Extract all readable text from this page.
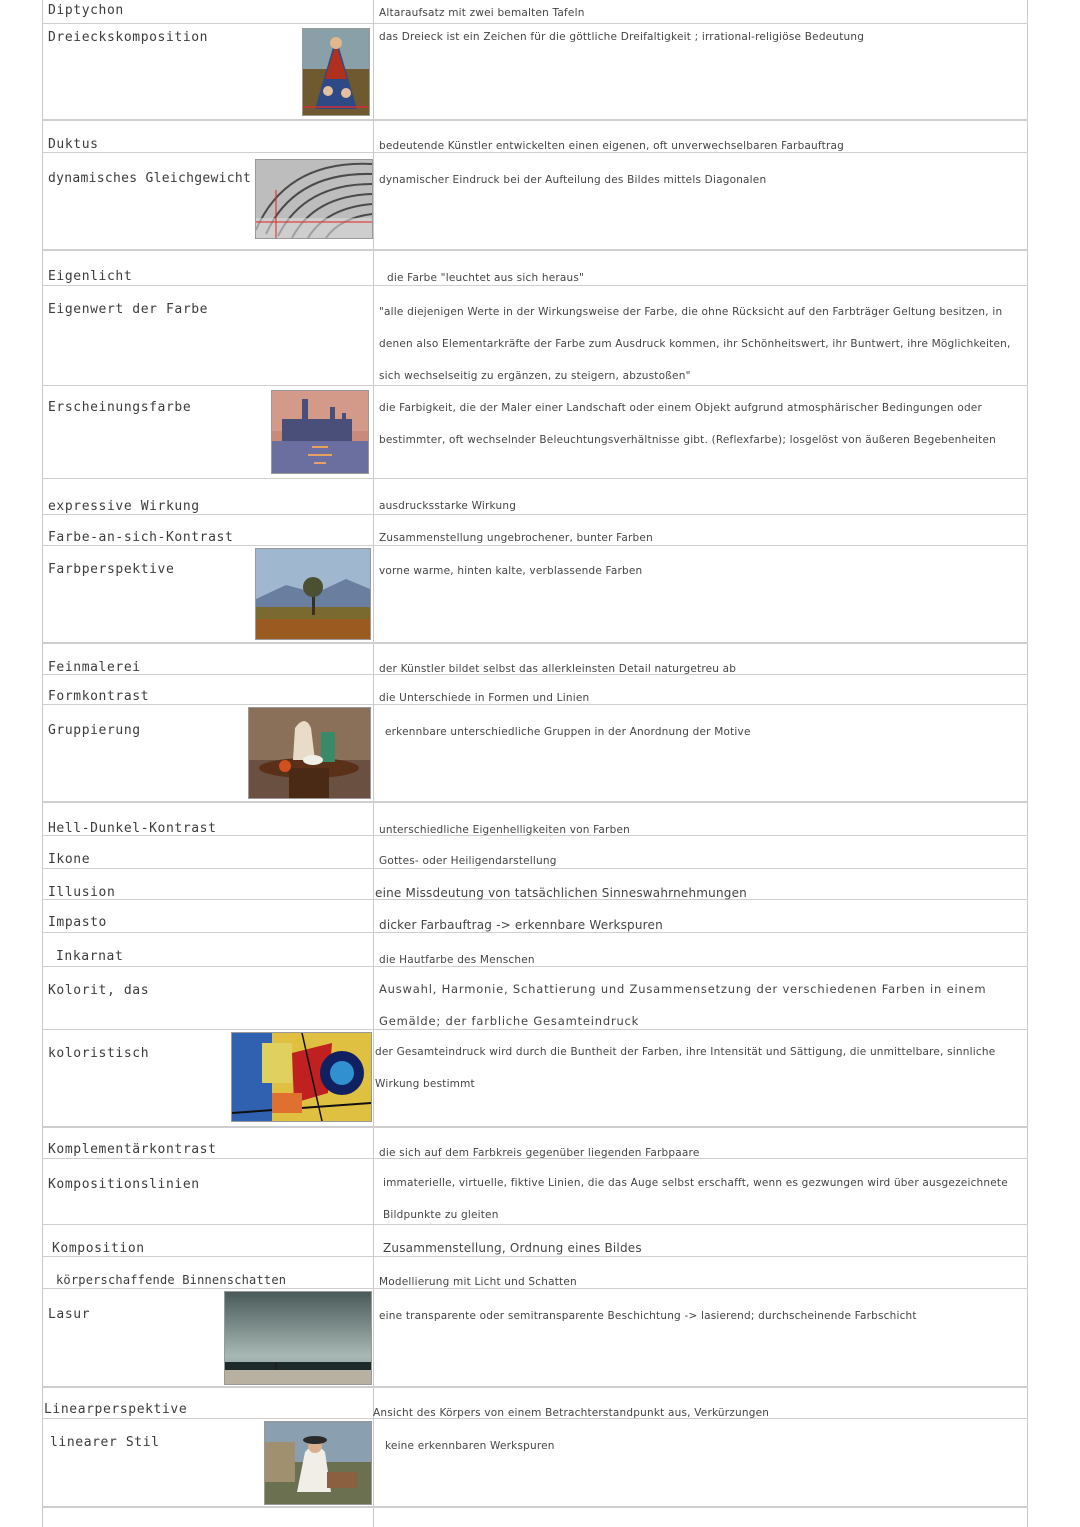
Diptychon	Altaraufsatz mit zwei bemalten Tafeln
Dreieckskomposition	das Dreieck ist ein Zeichen für die göttliche Dreifaltigkeit ; irrational-religiöse Bedeutung
Duktus	bedeutende Künstler entwickelten einen eigenen, oft unverwechselbaren Farbauftrag
dynamisches Gleichgewicht	dynamischer Eindruck bei der Aufteilung des Bildes mittels Diagonalen
Eigenlicht	die Farbe "leuchtet aus sich heraus"
Eigenwert der Farbe	"alle diejenigen Werte in der Wirkungsweise der Farbe, die ohne Rücksicht auf den Farbträger Geltung besitzen, in denen also Elementarkräfte der Farbe zum Ausdruck kommen, ihr Schönheitswert, ihr Buntwert, ihre Möglichkeiten, sich wechselseitig zu ergänzen, zu steigern, abzustoßen"
Erscheinungsfarbe	die Farbigkeit, die der Maler einer Landschaft oder einem Objekt aufgrund atmosphärischer Bedingungen oder bestimmter, oft wechselnder Beleuchtungsverhältnisse gibt. (Reflexfarbe); losgelöst von äußeren Begebenheiten
expressive Wirkung	ausdrucksstarke Wirkung
Farbe-an-sich-Kontrast	Zusammenstellung ungebrochener, bunter Farben
Farbperspektive	vorne warme, hinten kalte, verblassende Farben
Feinmalerei	der Künstler bildet selbst das allerkleinsten Detail naturgetreu ab
Formkontrast	die Unterschiede in Formen und Linien
Gruppierung	erkennbare unterschiedliche Gruppen in der Anordnung der Motive
Hell-Dunkel-Kontrast	unterschiedliche Eigenhelligkeiten von Farben
Ikone	Gottes- oder Heiligendarstellung
Illusion	eine Missdeutung von tatsächlichen Sinneswahrnehmungen
Impasto	dicker Farbauftrag -> erkennbare Werkspuren
Inkarnat	die Hautfarbe des Menschen
Kolorit, das	Auswahl, Harmonie, Schattierung und Zusammensetzung der verschiedenen Farben in einem Gemälde; der farbliche Gesamteindruck
koloristisch	der Gesamteindruck wird durch die Buntheit der Farben, ihre Intensität und Sättigung, die unmittelbare, sinnliche Wirkung bestimmt
Komplementärkontrast	die sich auf dem Farbkreis gegenüber liegenden Farbpaare
Kompositionslinien	immaterielle, virtuelle, fiktive Linien, die das Auge selbst erschafft, wenn es gezwungen wird über ausgezeichnete Bildpunkte zu gleiten
Komposition	Zusammenstellung, Ordnung eines Bildes
körperschaffende Binnenschatten	Modellierung mit Licht und Schatten
Lasur	eine transparente oder semitransparente Beschichtung -> lasierend; durchscheinende Farbschicht
Linearperspektive	Ansicht des Körpers von einem Betrachterstandpunkt aus, Verkürzungen
linearer Stil	keine erkennbaren Werkspuren
